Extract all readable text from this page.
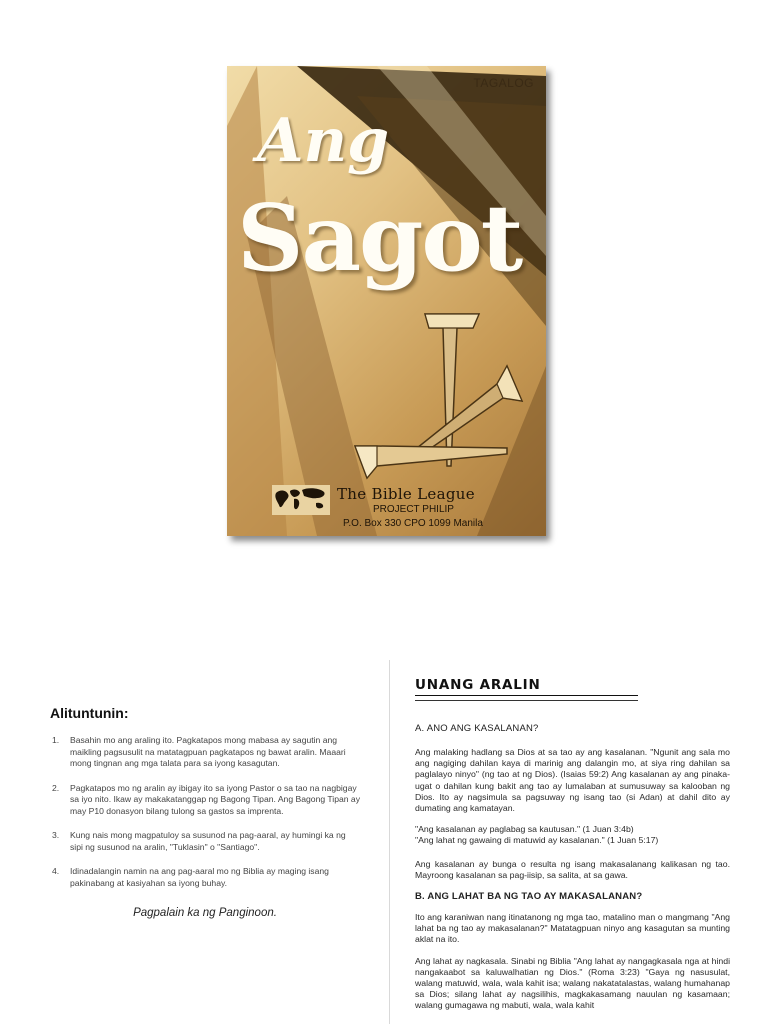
TAGALOG
Ang
Sagot
The Bible League
PROJECT PHILIP
P.O. Box 330 CPO 1099 Manila
Alituntunin:
1. Basahin mo ang araling ito. Pagkatapos mong mabasa ay sagutin ang maikling pagsusulit na matatagpuan pagkatapos ng bawat aralin. Maaari mong tingnan ang mga talata para sa iyong kasagutan.
2. Pagkatapos mo ng aralin ay ibigay ito sa iyong Pastor o sa tao na nagbigay sa iyo nito. Ikaw ay makakatanggap ng Bagong Tipan. Ang Bagong Tipan ay may P10 donasyon bilang tulong sa gastos sa imprenta.
3. Kung nais mong magpatuloy sa susunod na pag-aaral, ay humingi ka ng sipi ng susunod na aralin, "Tuklasin" o "Santiago".
4. Idinadalangin namin na ang pag-aaral mo ng Biblia ay maging isang pakinabang at kasiyahan sa iyong buhay.
Pagpalain ka ng Panginoon.
UNANG ARALIN
A. ANO ANG KASALANAN?

Ang malaking hadlang sa Dios at sa tao ay ang kasalanan. "Ngunit ang sala mo ang nagiging dahilan kaya di marinig ang dalangin mo, at siya ring dahilan sa paglalayo ninyo" (ng tao at ng Dios). (Isaias 59:2) Ang kasalanan ay ang pinaka-ugat o dahilan kung bakit ang tao ay lumalaban at sumusuway sa kalooban ng Dios. Ito ay nagsimula sa pagsuway ng isang tao (si Adan) at dahil dito ay dumating ang kamatayan.

"Ang kasalanan ay paglabag sa kautusan." (1 Juan 3:4b)
"Ang lahat ng gawaing di matuwid ay kasalanan." (1 Juan 5:17)

Ang kasalanan ay bunga o resulta ng isang makasalanang kalikasan ng tao. Mayroong kasalanan sa pag-iisip, sa salita, at sa gawa.

B. ANG LAHAT BA NG TAO AY MAKASALANAN?

Ito ang karaniwan nang itinatanong ng mga tao, matalino man o mangmang "Ang lahat ba ng tao ay makasalanan?" Matatagpuan ninyo ang kasagutan sa munting aklat na ito.

Ang lahat ay nagkasala. Sinabi ng Biblia "Ang lahat ay nangagkasala nga at hindi nangakaabot sa kaluwalhatian ng Dios." (Roma 3:23) "Gaya ng nasusulat, walang matuwid, wala, wala kahit isa; walang nakatatalastas, walang humahanap sa Dios; silang lahat ay nagsilihis, magkakasamang nauulan ng kasamaan; walang gumagawa ng mabuti, wala, wala kahit
